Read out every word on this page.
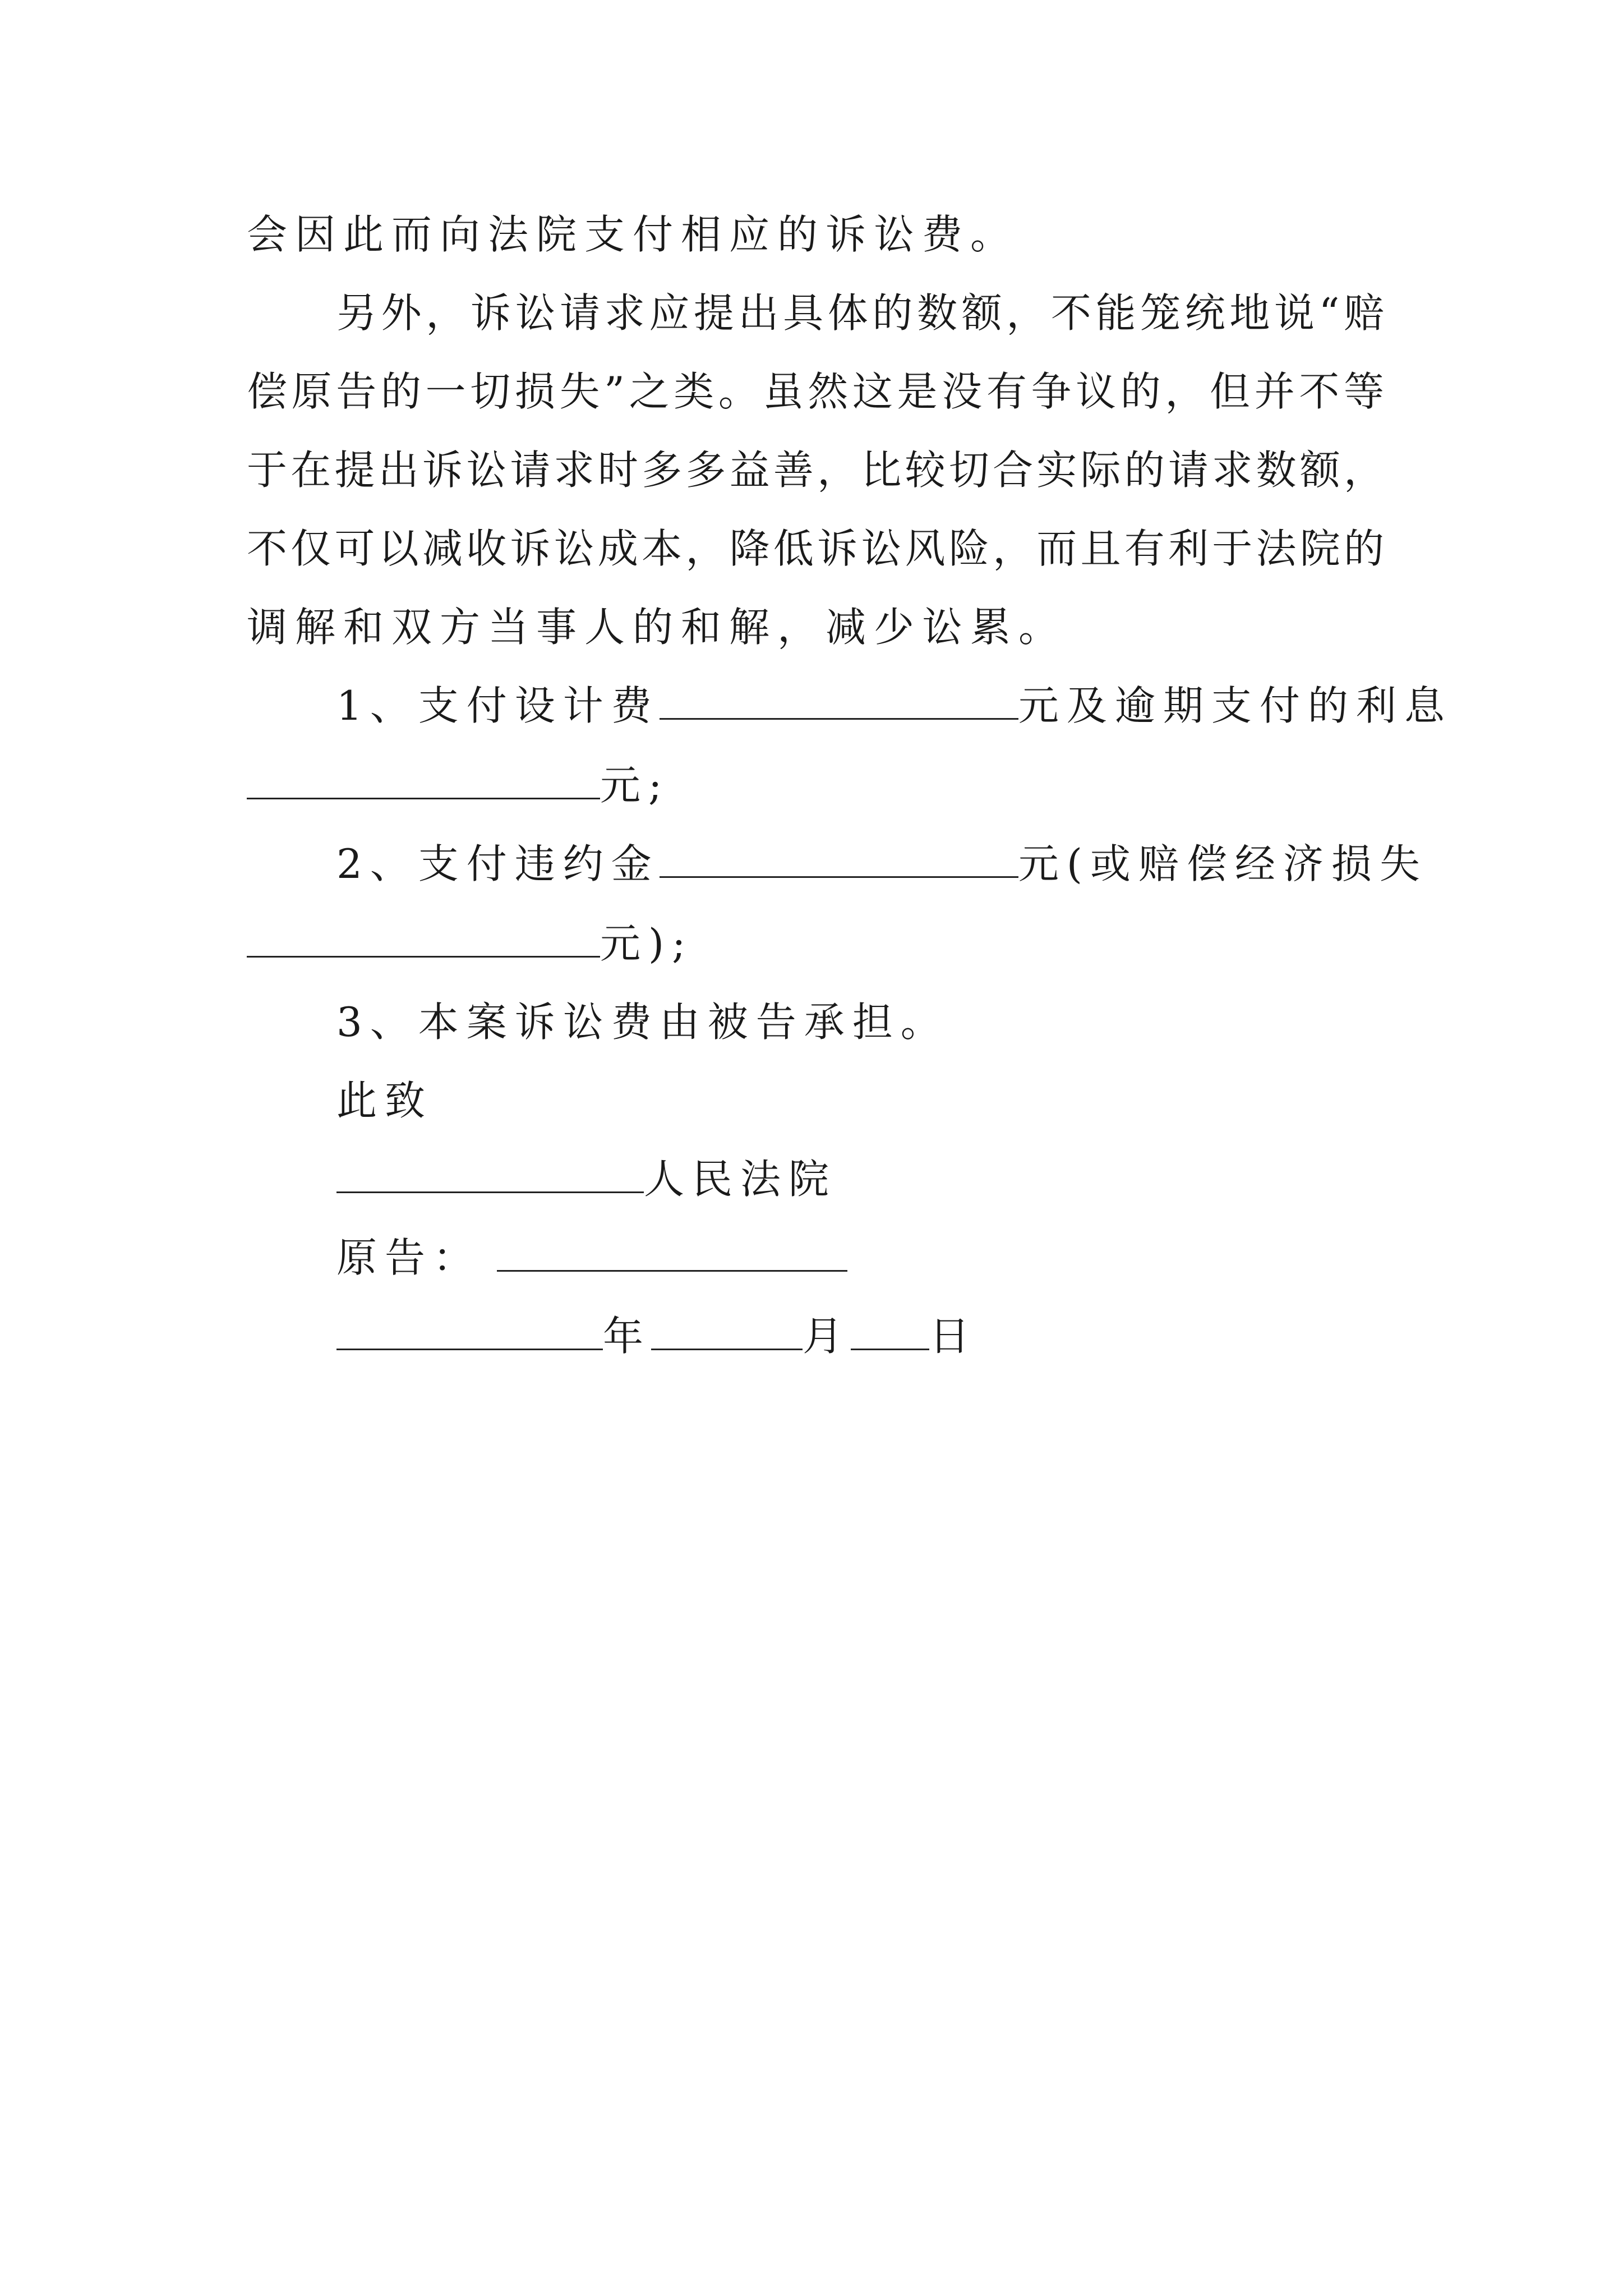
会因此而向法院支付相应的诉讼费。

另外，诉讼请求应提出具体的数额，不能笼统地说“赔

偿原告的一切损失”之类。虽然这是没有争议的，但并不等

于在提出诉讼请求时多多益善，比较切合实际的请求数额，

不仅可以减收诉讼成本，降低诉讼风险，而且有利于法院的

调解和双方当事人的和解，减少讼累。

1、支付设计费	元及逾期支付的利息
元;
2、支付违约金	元(或赔偿经济损失
元);

3、本案诉讼费由被告承担。

此致

人民法院
原告：
年	月 日
